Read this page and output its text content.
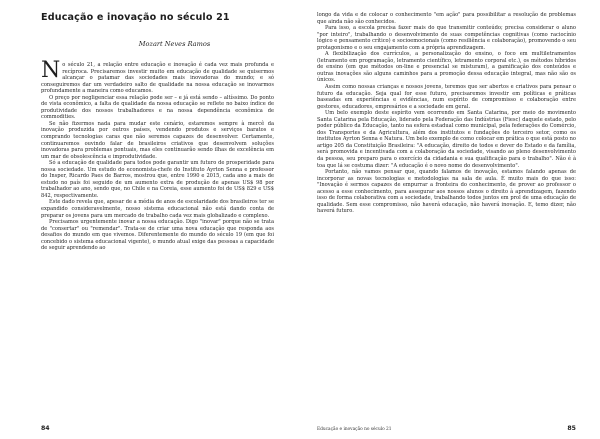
Educação e inovação no século 21
Mozart Neves Ramos

No século 21, a relação entre educação e inovação é cada vez mais profunda e recíproca. Precisaremos investir muito em educação de qualidade se quisermos alcançar o patamar das sociedades mais inovadoras do mundo; e só conseguiremos dar um verdadeiro salto de qualidade na nossa educação se inovarmos profundamente a maneira como educamos.

O preço por negligenciar essa relação pode ser – e já está sendo – altíssimo. Do ponto de vista econômico, a falta de qualidade da nossa educação se reflete no baixo índice de produtividade dos nossos trabalhadores e na nossa dependência econômica de commodities.

Se não fizermos nada para mudar este cenário, estaremos sempre à mercê da inovação produzida por outros países, vendendo produtos e serviços baratos e comprando tecnologias caras que não seremos capazes de desenvolver. Certamente, continuaremos ouvindo falar de brasileiros criativos que desenvolvem soluções inovadoras para problemas pontuais, mas eles continuarão sendo ilhas de excelência em um mar de obsolescência e improdutividade.

Só a educação de qualidade para todos pode garantir um futuro de prosperidade para nossa sociedade. Um estudo do economista-chefe do Instituto Ayrton Senna e professor do Insper, Ricardo Paes de Barros, mostrou que, entre 1990 e 2015, cada ano a mais de estudo no país foi seguido de um aumento extra de produção de apenas US$ 98 por trabalhador ao ano, sendo que, no Chile e na Coreia, esse aumento foi de US$ 829 e US$ 842, respectivamente.

Este dado revela que, apesar de a média de anos de escolaridade dos brasileiros ter se expandido consideravelmente, nosso sistema educacional não está dando conta de preparar os jovens para um mercado de trabalho cada vez mais globalizado e complexo.

Precisamos urgentemente inovar a nossa educação. Digo "inovar" porque não se trata de "consertar" ou "remendar". Trata-se de criar uma nova educação que responda aos desafios do mundo em que vivemos. Diferentemente do mundo do século 19 (em que foi concebido o sistema educacional vigente), o mundo atual exige das pessoas a capacidade de seguir aprendendo ao

84

longo da vida e de colocar o conhecimento "em ação" para possibilitar a resolução de problemas que ainda não são conhecidos.

Para isso, a escola precisa fazer mais do que transmitir conteúdo; precisa considerar o aluno "por inteiro", trabalhando o desenvolvimento de suas competências cognitivas (como raciocínio lógico e pensamento crítico) e socioemocionais (como resiliência e colaboração), promovendo o seu protagonismo e o seu engajamento com a própria aprendizagem.

A flexibilização dos currículos, a personalização do ensino, o foco em multiletramentos (letramento em programação, letramento científico, letramento corporal etc.), os métodos híbridos de ensino (em que métodos on-line e presencial se misturam), a gamificação dos conteúdos e outras inovações são alguns caminhos para a promoção dessa educação integral, mas não são os únicos.

Assim como nossas crianças e nossos jovens, teremos que ser abertos e criativos para pensar o futuro da educação. Seja qual for esse futuro, precisaremos investir em políticas e práticas baseadas em experiências e evidências, num espírito de compromisso e colaboração entre gestores, educadores, empresários e a sociedade em geral.

Um belo exemplo deste espírito vem ocorrendo em Santa Catarina, por meio do movimento Santa Catarina pela Educação, liderado pela Federação das Indústrias (Fiesc) daquele estado, pelo poder público da Educação, tanto na esfera estadual como municipal, pela federações do Comércio, dos Transportes e da Agricultura, além dos institutos e fundações do terceiro setor, como os institutos Ayrton Senna e Natura. Um belo exemplo de como colocar em prática o que está posto no artigo 205 da Constituição Brasileira: "A educação, direito de todos e dever do Estado e da família, será promovida e incentivada com a colaboração da sociedade, visando ao pleno desenvolvimento da pessoa, seu preparo para o exercício da cidadania e sua qualificação para o trabalho". Não é à toa que lá se costuma dizer: "A educação é o novo nome do desenvolvimento".

Portanto, não vamos pensar que, quando falamos de inovação, estamos falando apenas de incorporar as novas tecnologias e metodologias na sala de aula. É muito mais do que isso: "Inovação é sermos capazes de empurrar a fronteira do conhecimento, de prover ao professor o acesso a esse conhecimento, para assegurar aos nossos alunos o direito à aprendizagem, fazendo isso de forma colaborativa com a sociedade, trabalhando todos juntos em prol de uma educação de qualidade. Sem esse compromisso, não haverá educação, não haverá inovação. E, temo dizer, não haverá futuro.

Educação e inovação no século 21	85
